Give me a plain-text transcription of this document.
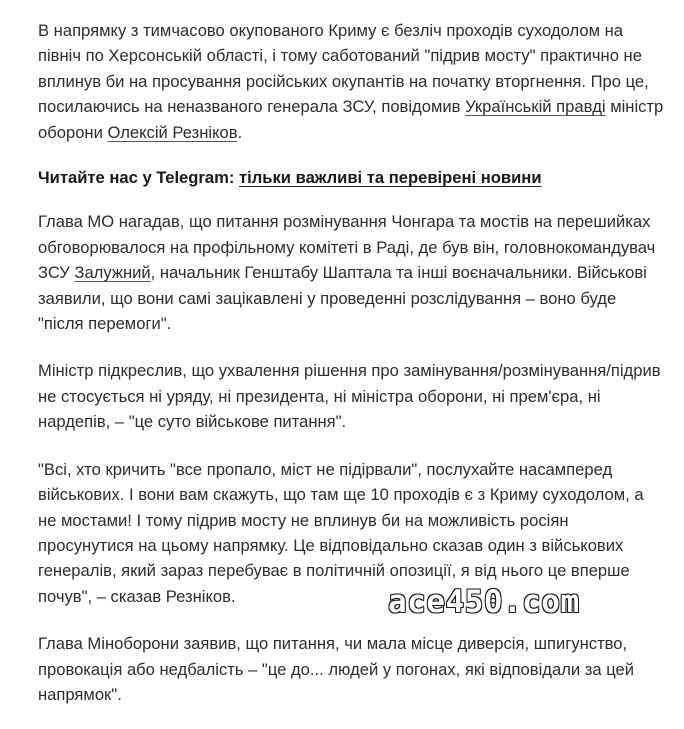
В напрямку з тимчасово окупованого Криму є безліч проходів суходолом на північ по Херсонській області, і тому саботований "підрив мосту" практично не вплинув би на просування російських окупантів на початку вторгнення. Про це, посилаючись на неназваного генерала ЗСУ, повідомив Українській правді міністр оборони Олексій Резніков.

Читайте нас у Telegram: тільки важливі та перевірені новини

Глава МО нагадав, що питання розмінування Чонгара та мостів на перешийках обговорювалося на профільному комітеті в Раді, де був він, головнокомандувач ЗСУ Залужний, начальник Генштабу Шаптала та інші воєначальники. Військові заявили, що вони самі зацікавлені у проведенні розслідування – воно буде "після перемоги".

Міністр підкреслив, що ухвалення рішення про замінування/розмінування/підрив не стосується ні уряду, ні президента, ні міністра оборони, ні прем'єра, ні нардепів, – "це суто військове питання".

"Всі, хто кричить "все пропало, міст не підірвали", послухайте насамперед військових. І вони вам скажуть, що там ще 10 проходів є з Криму суходолом, а не мостами! І тому підрив мосту не вплинув би на можливість росіян просунутися на цьому напрямку. Це відповідально сказав один з військових генералів, який зараз перебуває в політичній опозиції, я від нього це вперше почув", – сказав Резніков.

Глава Міноборони заявив, що питання, чи мала місце диверсія, шпигунство, провокація або недбалість – "це до... людей у погонах, які відповідали за цей напрямок".

ace450.com
